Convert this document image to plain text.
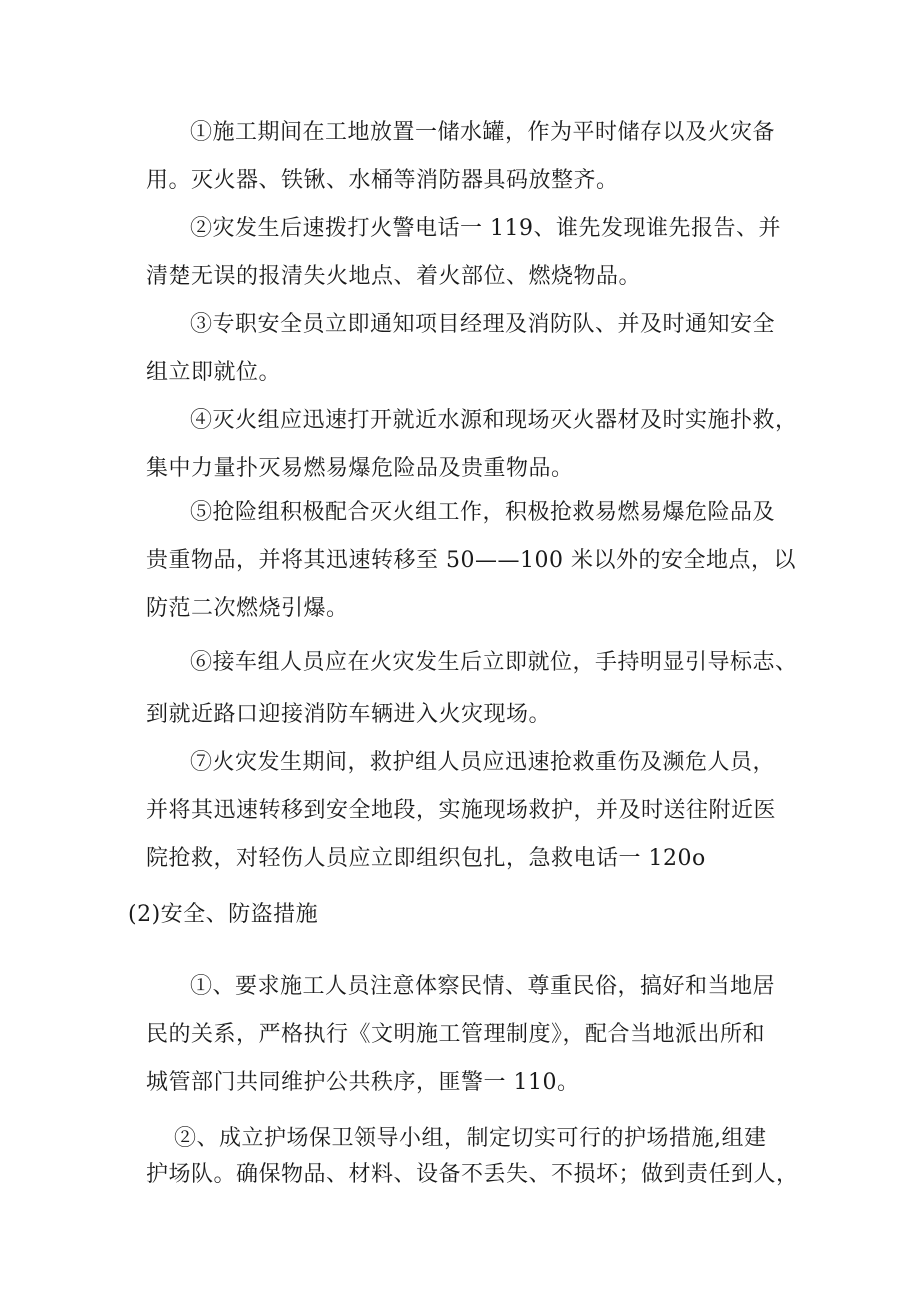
①施工期间在工地放置一储水罐，作为平时储存以及火灾备
用。灭火器、铁锹、水桶等消防器具码放整齐。
②灾发生后速拨打火警电话一 119、谁先发现谁先报告、并
清楚无误的报清失火地点、着火部位、燃烧物品。
③专职安全员立即通知项目经理及消防队、并及时通知安全
组立即就位。
④灭火组应迅速打开就近水源和现场灭火器材及时实施扑救，
集中力量扑灭易燃易爆危险品及贵重物品。
⑤抢险组积极配合灭火组工作，积极抢救易燃易爆危险品及
贵重物品，并将其迅速转移至 50——100 米以外的安全地点，以
防范二次燃烧引爆。
⑥接车组人员应在火灾发生后立即就位，手持明显引导标志、
到就近路口迎接消防车辆进入火灾现场。
⑦火灾发生期间，救护组人员应迅速抢救重伤及濒危人员，
并将其迅速转移到安全地段，实施现场救护，并及时送往附近医
院抢救，对轻伤人员应立即组织包扎，急救电话一 120o
(2)安全、防盗措施
①、要求施工人员注意体察民情、尊重民俗，搞好和当地居
民的关系，严格执行《文明施工管理制度》，配合当地派出所和
城管部门共同维护公共秩序，匪警一 110。
②、成立护场保卫领导小组，制定切实可行的护场措施,组建
护场队。确保物品、材料、设备不丢失、不损坏；做到责任到人，
